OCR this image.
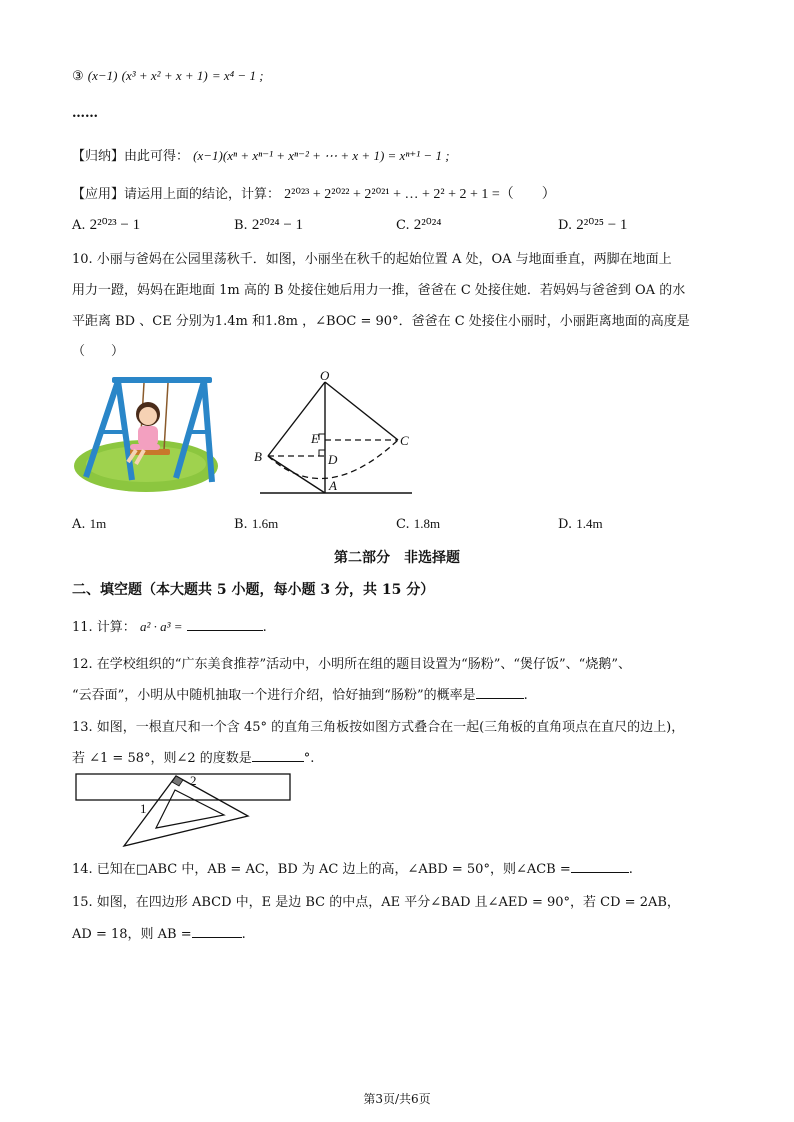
③ (x−1) (x³ + x² + x + 1) = x⁴ − 1 ;
……
【归纳】由此可得： (x−1)(xⁿ + xⁿ⁻¹ + xⁿ⁻² + ⋯ + x + 1) = xⁿ⁺¹ − 1 ;
【应用】请运用上面的结论，计算： 2²⁰²³ + 2²⁰²² + 2²⁰²¹ + … + 2² + 2 + 1 =（　　）
A. 2²⁰²³ − 1	B. 2²⁰²⁴ − 1	C. 2²⁰²⁴	D. 2²⁰²⁵ − 1
10. 小丽与爸妈在公园里荡秋千．如图，小丽坐在秋千的起始位置 A 处，OA 与地面垂直，两脚在地面上
用力一蹬，妈妈在距地面 1m 高的 B 处接住她后用力一推，爸爸在 C 处接住她．若妈妈与爸爸到 OA 的水
平距离 BD 、CE 分别为1.4m 和1.8m ，∠BOC = 90°．爸爸在 C 处接住小丽时，小丽距离地面的高度是
（　　）
O
E	C
B	D
A
A. 1m	B. 1.6m	C. 1.8m	D. 1.4m
第二部分　非选择题
二、填空题（本大题共 5 小题，每小题 3 分，共 15 分）
11. 计算： a² · a³ =	.
12. 在学校组织的“广东美食推荐”活动中，小明所在组的题目设置为“肠粉”、“煲仔饭”、“烧鹅”、
“云吞面”，小明从中随机抽取一个进行介绍，恰好抽到“肠粉”的概率是	.
13. 如图，一根直尺和一个含 45° 的直角三角板按如图方式叠合在一起(三角板的直角项点在直尺的边上)，
若 ∠1 = 58°，则∠2 的度数是	°.
2
1
14. 已知在□ABC 中，AB = AC，BD 为 AC 边上的高，∠ABD = 50°，则∠ACB =	.
15. 如图，在四边形 ABCD 中，E 是边 BC 的中点，AE 平分∠BAD 且∠AED = 90°，若 CD = 2AB，
AD = 18，则 AB =	.
第3页/共6页
